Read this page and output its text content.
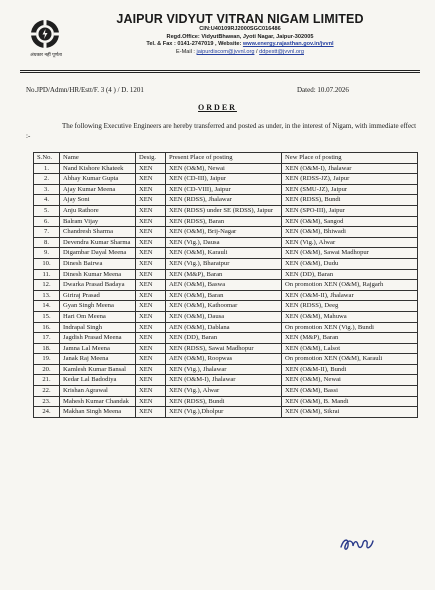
अंधकार नहीं पूर्णता
JAIPUR VIDYUT VITRAN NIGAM LIMITED
CIN:U40109RJ2000SGC016486
Regd.Office: VidyutBhawan, Jyoti Nagar, Jaipur-302005
Tel. & Fax : 0141-2747019 , Website: www.energy.rajasthan.gov.in/jvvnl
E-Mail : jaipurdiscom@jvvnl.org / ddpestt@jvvnl.org
No.JPD/Admn/HR/Estt/F. 3 (4 ) / D. 1201	Dated: 10.07.2026
ORDER
The following Executive Engineers are hereby transferred and posted as under, in the interest of Nigam, with immediate effect :-
S.No.	Name	Desig.	Present Place of posting	New Place of posting
1.	Nand Kishore Khateek	XEN	XEN (O&M), Newai	XEN (O&M-I), Jhalawar
2.	Abhay Kumar Gupta	XEN	XEN (CD-III), Jaipur	XEN (RDSS-JZ), Jaipur
3.	Ajay Kumar Meena	XEN	XEN (CD-VIII), Jaipur	XEN (SMU-JZ), Jaipur
4.	Ajay Soni	XEN	XEN (RDSS), Jhalawar	XEN (RDSS), Bundi
5.	Anju Rathore	XEN	XEN (RDSS) under SE (RDSS), Jaipur	XEN (SPO-III), Jaipur
6.	Balram Vijay	XEN	XEN (RDSS), Baran	XEN (O&M), Sangod
7.	Chandresh Sharma	XEN	XEN (O&M), Brij-Nagar	XEN (O&M), Bhiwadi
8.	Devendra Kumar Sharma	XEN	XEN (Vig.), Dausa	XEN (Vig.), Alwar
9.	Digambar Dayal Meena	XEN	XEN (O&M), Karauli	XEN (O&M), Sawai Madhopur
10.	Dinesh Bairwa	XEN	XEN (Vig.), Bharatpur	XEN (O&M), Dudu
11.	Dinesh Kumar Meena	XEN	XEN (M&P), Baran	XEN (DD), Baran
12.	Dwarka Prasad Badaya	XEN	AEN (O&M), Baswa	On promotion XEN (O&M), Rajgarh
13.	Giriraj Prasad	XEN	XEN (O&M), Baran	XEN (O&M-II), Jhalawar
14.	Gyan Singh Meena	XEN	XEN (O&M), Kathoomar	XEN (RDSS), Deeg
15.	Hari Om Meena	XEN	XEN (O&M), Dausa	XEN (O&M), Mahuwa
16.	Indrapal Singh	XEN	AEN (O&M), Dablana	On promotion XEN (Vig.), Bundi
17.	Jagdish Prasad Meena	XEN	XEN (DD), Baran	XEN (M&P), Baran
18.	Jamna Lal Meena	XEN	XEN (RDSS), Sawai Madhopur	XEN (O&M), Lalsot
19.	Janak Raj Meena	XEN	AEN (O&M), Roopwas	On promotion XEN (O&M), Karauli
20.	Kamlesh Kumar Bansal	XEN	XEN (Vig.), Jhalawar	XEN (O&M-II), Bundi
21.	Kedar Lal Badodiya	XEN	XEN (O&M-I), Jhalawar	XEN (O&M), Newai
22.	Krishan Agrawal	XEN	XEN (Vig.), Alwar	XEN (O&M), Bassi
23.	Mahesh Kumar Chandak	XEN	XEN (RDSS), Bundi	XEN (O&M), B. Mandi
24.	Makhan Singh Meena	XEN	XEN (Vig.),Dholpur	XEN (O&M), Sikrai
